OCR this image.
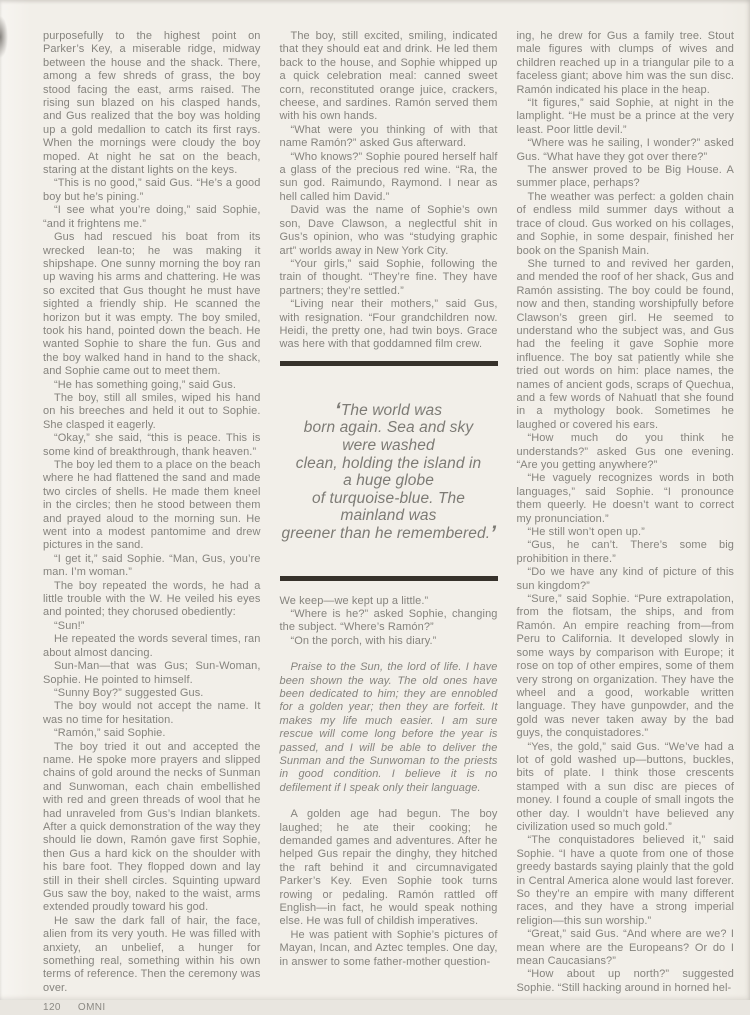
purposefully to the highest point on Parker’s Key, a miserable ridge, midway between the house and the shack. There, among a few shreds of grass, the boy stood facing the east, arms raised. The rising sun blazed on his clasped hands, and Gus realized that the boy was holding up a gold medallion to catch its first rays. When the mornings were cloudy the boy moped. At night he sat on the beach, staring at the distant lights on the keys.

“This is no good,” said Gus. “He’s a good boy but he’s pining.”

“I see what you’re doing,” said Sophie, “and it frightens me.”

Gus had rescued his boat from its wrecked lean-to; he was making it shipshape. One sunny morning the boy ran up waving his arms and chattering. He was so excited that Gus thought he must have sighted a friendly ship. He scanned the horizon but it was empty. The boy smiled, took his hand, pointed down the beach. He wanted Sophie to share the fun. Gus and the boy walked hand in hand to the shack, and Sophie came out to meet them.

“He has something going,” said Gus.

The boy, still all smiles, wiped his hand on his breeches and held it out to Sophie. She clasped it eagerly.

“Okay,” she said, “this is peace. This is some kind of breakthrough, thank heaven.”

The boy led them to a place on the beach where he had flattened the sand and made two circles of shells. He made them kneel in the circles; then he stood between them and prayed aloud to the morning sun. He went into a modest pantomime and drew pictures in the sand.

“I get it,” said Sophie. “Man, Gus, you’re man. I’m woman.”

The boy repeated the words, he had a little trouble with the W. He veiled his eyes and pointed; they chorused obediently:

“Sun!”

He repeated the words several times, ran about almost dancing.

Sun-Man—that was Gus; Sun-Woman, Sophie. He pointed to himself.

“Sunny Boy?” suggested Gus.

The boy would not accept the name. It was no time for hesitation.

“Ramón,” said Sophie.

The boy tried it out and accepted the name. He spoke more prayers and slipped chains of gold around the necks of Sunman and Sunwoman, each chain embellished with red and green threads of wool that he had unraveled from Gus’s Indian blankets. After a quick demonstration of the way they should lie down, Ramón gave first Sophie, then Gus a hard kick on the shoulder with his bare foot. They flopped down and lay still in their shell circles. Squinting upward Gus saw the boy, naked to the waist, arms extended proudly toward his god.

He saw the dark fall of hair, the face, alien from its very youth. He was filled with anxiety, an unbelief, a hunger for something real, something within his own terms of reference. Then the ceremony was over.

120 OMNI

The boy, still excited, smiling, indicated that they should eat and drink. He led them back to the house, and Sophie whipped up a quick celebration meal: canned sweet corn, reconstituted orange juice, crackers, cheese, and sardines. Ramón served them with his own hands.

“What were you thinking of with that name Ramón?” asked Gus afterward.

“Who knows?” Sophie poured herself half a glass of the precious red wine. “Ra, the sun god. Raimundo, Raymond. I near as hell called him David.”

David was the name of Sophie’s own son, Dave Clawson, a neglectful shit in Gus’s opinion, who was “studying graphic art” worlds away in New York City.

“Your girls,” said Sophie, following the train of thought. “They’re fine. They have partners; they’re settled.”

“Living near their mothers,” said Gus, with resignation. “Four grandchildren now. Heidi, the pretty one, had twin boys. Grace was here with that goddamned film crew.

‘The world was
born again. Sea and sky
were washed
clean, holding the island in
a huge globe
of turquoise-blue. The
mainland was
greener than he remembered.’

We keep—we kept up a little.”

“Where is he?” asked Sophie, changing the subject. “Where’s Ramón?”

“On the porch, with his diary.”

Praise to the Sun, the lord of life. I have been shown the way. The old ones have been dedicated to him; they are ennobled for a golden year; then they are forfeit. It makes my life much easier. I am sure rescue will come long before the year is passed, and I will be able to deliver the Sunman and the Sunwoman to the priests in good condition. I believe it is no defilement if I speak only their language.

A golden age had begun. The boy laughed; he ate their cooking; he demanded games and adventures. After he helped Gus repair the dinghy, they hitched the raft behind it and circumnavigated Parker’s Key. Even Sophie took turns rowing or pedaling. Ramón rattled off English—in fact, he would speak nothing else. He was full of childish imperatives.

He was patient with Sophie’s pictures of Mayan, Incan, and Aztec temples. One day, in answer to some father-mother question-

ing, he drew for Gus a family tree. Stout male figures with clumps of wives and children reached up in a triangular pile to a faceless giant; above him was the sun disc. Ramón indicated his place in the heap.

“It figures,” said Sophie, at night in the lamplight. “He must be a prince at the very least. Poor little devil.”

“Where was he sailing, I wonder?” asked Gus. “What have they got over there?”

The answer proved to be Big House. A summer place, perhaps?

The weather was perfect: a golden chain of endless mild summer days without a trace of cloud. Gus worked on his collages, and Sophie, in some despair, finished her book on the Spanish Main.

She turned to and revived her garden, and mended the roof of her shack, Gus and Ramón assisting. The boy could be found, now and then, standing worshipfully before Clawson’s green girl. He seemed to understand who the subject was, and Gus had the feeling it gave Sophie more influence. The boy sat patiently while she tried out words on him: place names, the names of ancient gods, scraps of Quechua, and a few words of Nahuatl that she found in a mythology book. Sometimes he laughed or covered his ears.

“How much do you think he understands?” asked Gus one evening. “Are you getting anywhere?”

“He vaguely recognizes words in both languages,” said Sophie. “I pronounce them queerly. He doesn’t want to correct my pronunciation.”

“He still won’t open up.”

“Gus, he can’t. There’s some big prohibition in there.”

“Do we have any kind of picture of this sun kingdom?”

“Sure,” said Sophie. “Pure extrapolation, from the flotsam, the ships, and from Ramón. An empire reaching from—from Peru to California. It developed slowly in some ways by comparison with Europe; it rose on top of other empires, some of them very strong on organization. They have the wheel and a good, workable written language. They have gunpowder, and the gold was never taken away by the bad guys, the conquistadores.”

“Yes, the gold,” said Gus. “We’ve had a lot of gold washed up—buttons, buckles, bits of plate. I think those crescents stamped with a sun disc are pieces of money. I found a couple of small ingots the other day. I wouldn’t have believed any civilization used so much gold.”

“The conquistadores believed it,” said Sophie. “I have a quote from one of those greedy bastards saying plainly that the gold in Central America alone would last forever. So they’re an empire with many different races, and they have a strong imperial religion—this sun worship.”

“Great,” said Gus. “And where are we? I mean where are the Europeans? Or do I mean Caucasians?”

“How about up north?” suggested Sophie. “Still hacking around in horned hel-
